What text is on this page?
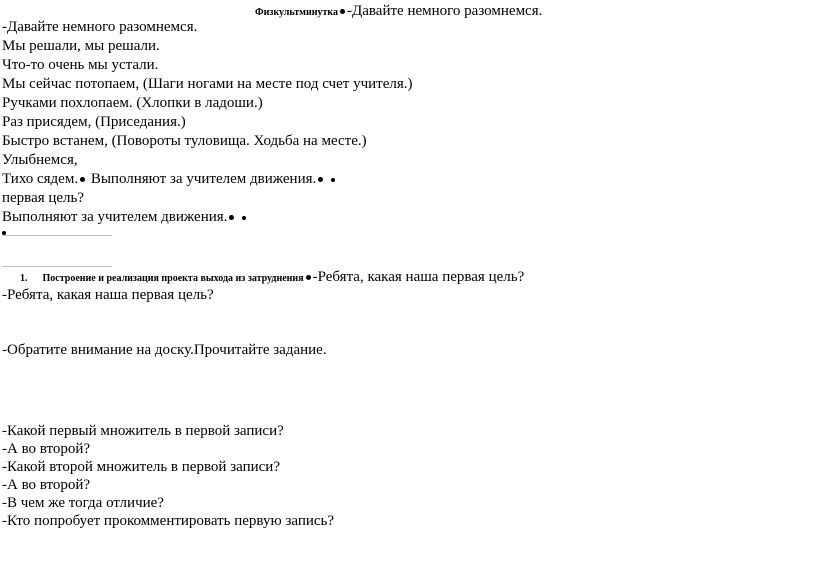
Физкультминутка -Давайте немного разомнемся.
-Давайте немного разомнемся.
Мы решали, мы решали.
Что-то очень мы устали.
Мы сейчас потопаем, (Шаги ногами на месте под счет учителя.)
Ручками похлопаем. (Хлопки в ладоши.)
Раз присядем, (Приседания.)
Быстро встанем, (Повороты туловища. Ходьба на месте.)
Улыбнемся,
Тихо сядем. Выполняют за учителем движения.
первая цель?
Выполняют за учителем движения.
1. Построение и реализация проекта выхода из затруднения -Ребята, какая наша первая цель?
-Ребята, какая наша первая цель?
-Обратите внимание на доску.Прочитайте задание.
-Какой первый множитель в первой записи?
-А во второй?
-Какой второй множитель в первой записи?
-А во второй?
-В чем же тогда отличие?
-Кто попробует прокомментировать первую запись?
